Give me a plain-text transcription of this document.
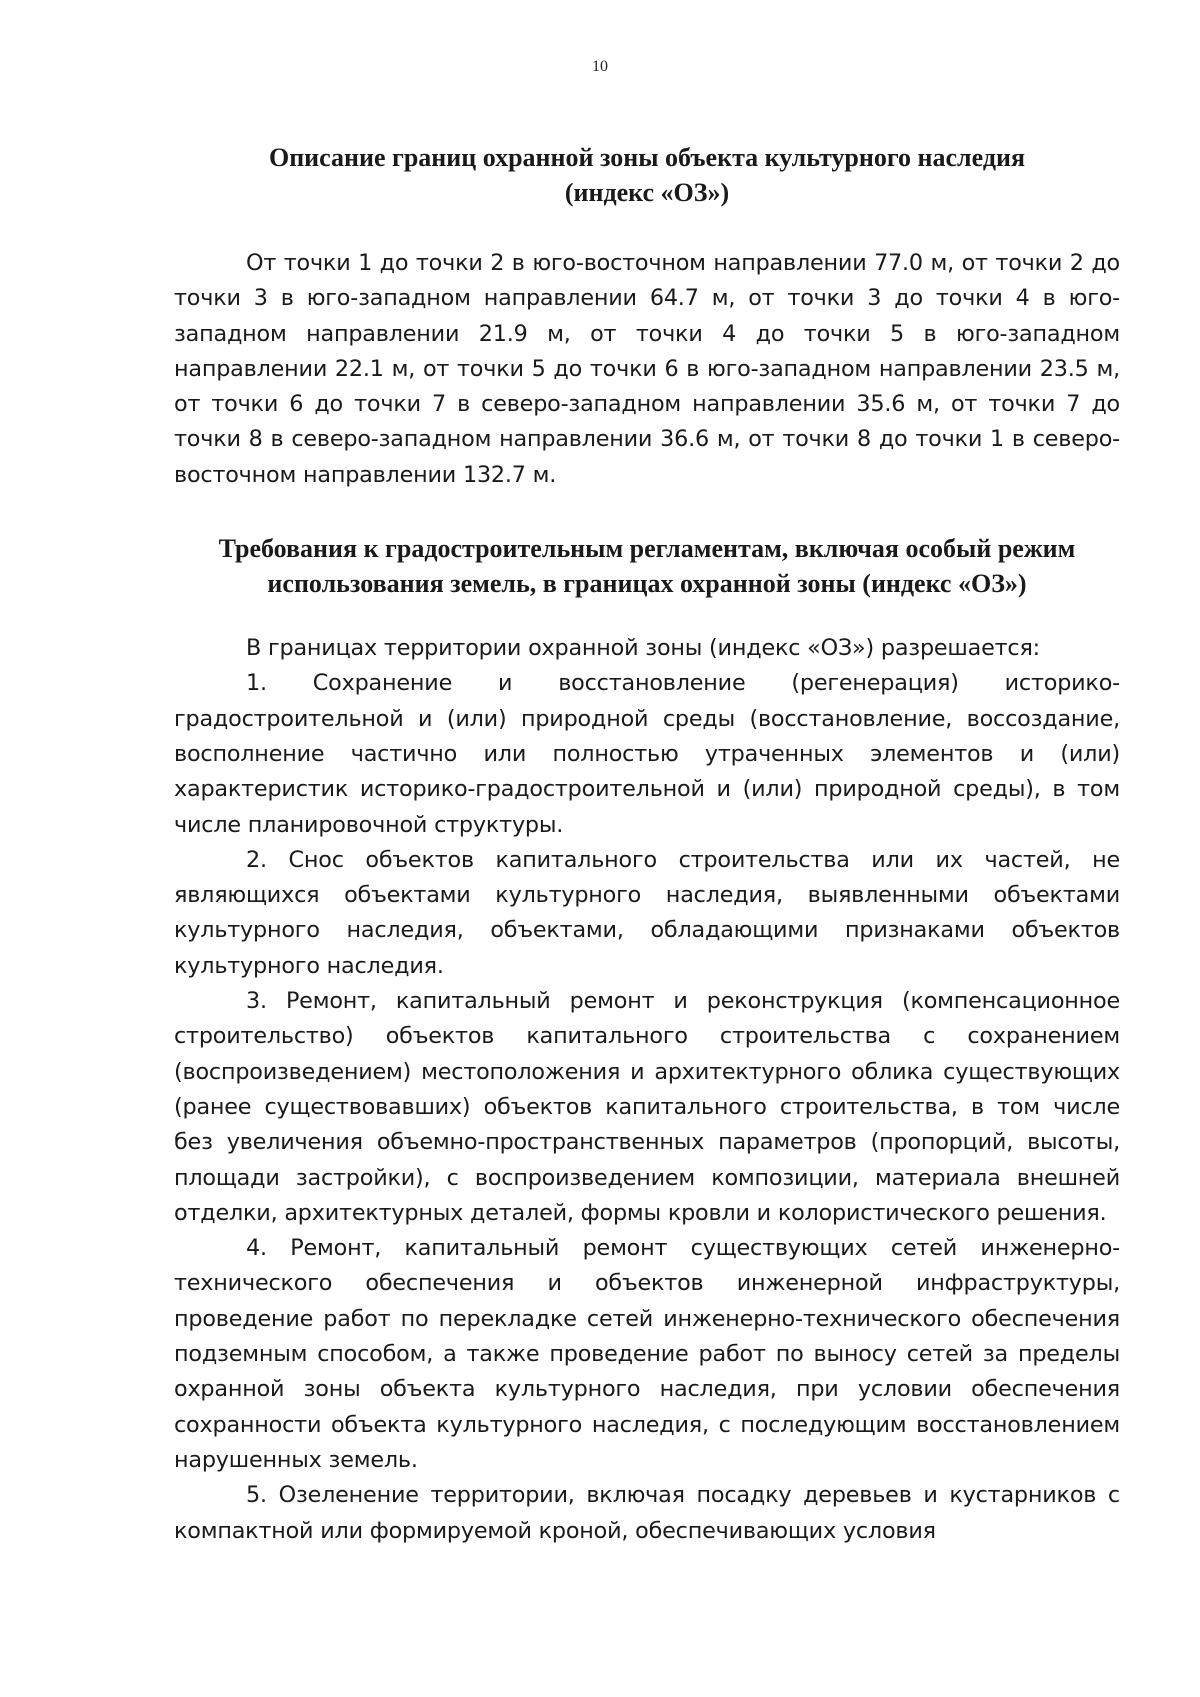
10
Описание границ охранной зоны объекта культурного наследия
(индекс «ОЗ»)

От точки 1 до точки 2 в юго-восточном направлении 77.0 м, от точки 2 до точки 3 в юго-западном направлении 64.7 м, от точки 3 до точки 4 в юго-западном направлении 21.9 м, от точки 4 до точки 5 в юго-западном направлении 22.1 м, от точки 5 до точки 6 в юго-западном направлении 23.5 м, от точки 6 до точки 7 в северо-западном направлении 35.6 м, от точки 7 до точки 8 в северо-западном направлении 36.6 м, от точки 8 до точки 1 в северо-восточном направлении 132.7 м.

Требования к градостроительным регламентам, включая особый режим
использования земель, в границах охранной зоны (индекс «ОЗ»)

В границах территории охранной зоны (индекс «ОЗ») разрешается:

1. Сохранение и восстановление (регенерация) историко-градостроительной и (или) природной среды (восстановление, воссоздание, восполнение частично или полностью утраченных элементов и (или) характеристик историко-градостроительной и (или) природной среды), в том числе планировочной структуры.

2. Снос объектов капитального строительства или их частей, не являющихся объектами культурного наследия, выявленными объектами культурного наследия, объектами, обладающими признаками объектов культурного наследия.

3. Ремонт, капитальный ремонт и реконструкция (компенсационное строительство) объектов капитального строительства с сохранением (воспроизведением) местоположения и архитектурного облика существующих (ранее существовавших) объектов капитального строительства, в том числе без увеличения объемно-пространственных параметров (пропорций, высоты, площади застройки), с воспроизведением композиции, материала внешней отделки, архитектурных деталей, формы кровли и колористического решения.

4. Ремонт, капитальный ремонт существующих сетей инженерно-технического обеспечения и объектов инженерной инфраструктуры, проведение работ по перекладке сетей инженерно-технического обеспечения подземным способом, а также проведение работ по выносу сетей за пределы охранной зоны объекта культурного наследия, при условии обеспечения сохранности объекта культурного наследия, с последующим восстановлением нарушенных земель.

5. Озеленение территории, включая посадку деревьев и кустарников с компактной или формируемой кроной, обеспечивающих условия
